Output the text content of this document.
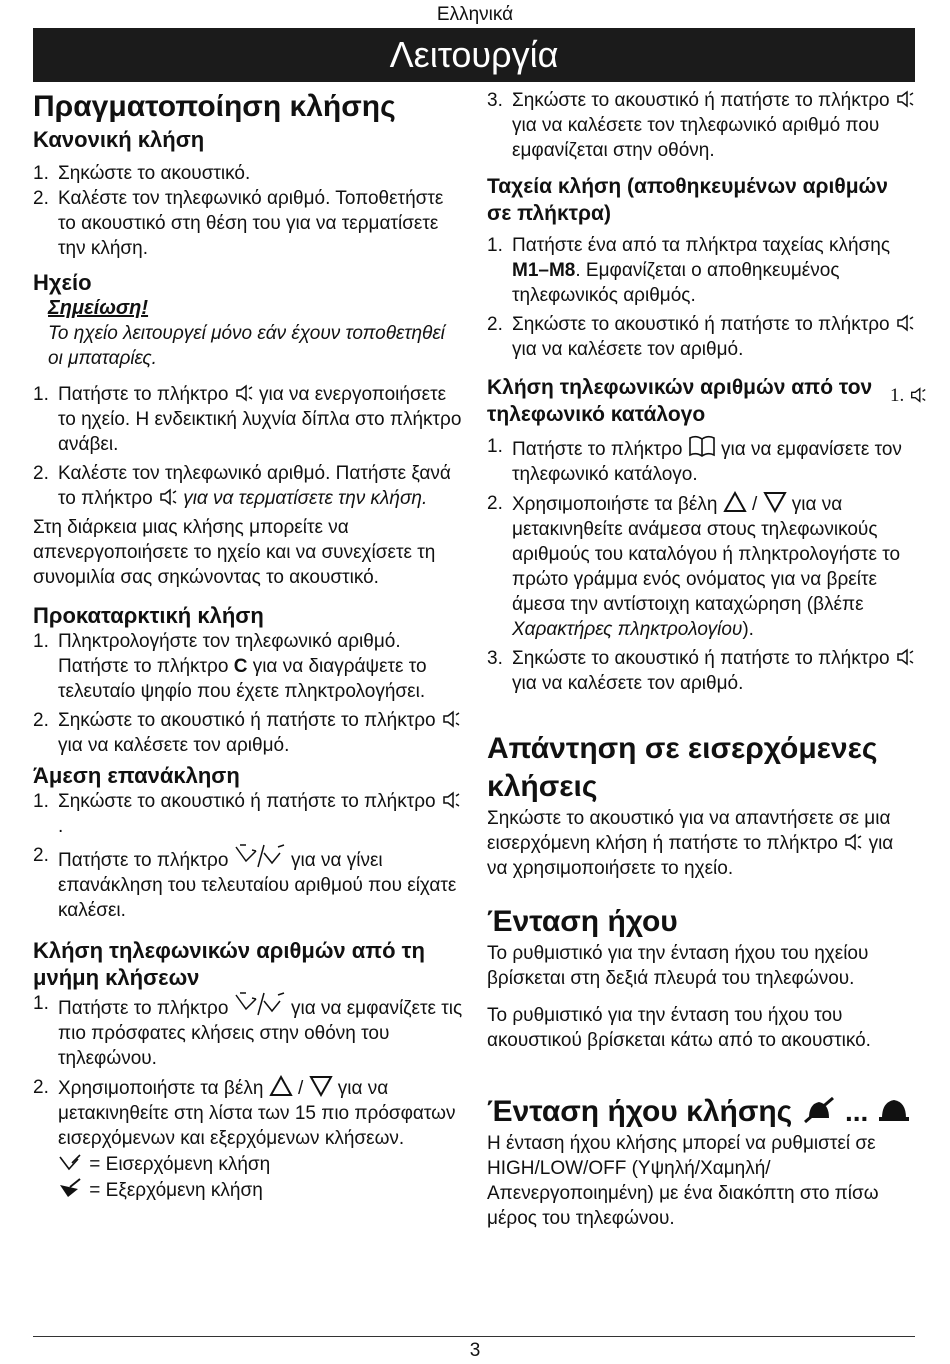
Ελληνικά
Λειτουργία
Πραγματοποίηση κλήσης
Κανονική κλήση

1. Σηκώστε το ακουστικό.

2. Καλέστε τον τηλεφωνικό αριθμό. Τοποθετήστε το ακουστικό στη θέση του για να τερματίσετε την κλήση.

Ηχείο

Σημείωση!

Το ηχείο λειτουργεί μόνο εάν έχουν τοποθετηθεί οι μπαταρίες.

1. Πατήστε το πλήκτρο για να ενεργοποιήσετε το ηχείο. Η ενδεικτική λυχνία δίπλα στο πλήκτρο ανάβει.

2. Καλέστε τον τηλεφωνικό αριθμό. Πατήστε ξανά το πλήκτρο για να τερματίσετε την κλήση.

Στη διάρκεια μιας κλήσης μπορείτε να απενεργοποιήσετε το ηχείο και να συνεχίσετε τη συνομιλία σας σηκώνοντας το ακουστικό.

Προκαταρκτική κλήση

1. Πληκτρολογήστε τον τηλεφωνικό αριθμό. Πατήστε το πλήκτρο C για να διαγράψετε το τελευταίο ψηφίο που έχετε πληκτρολογήσει.

2. Σηκώστε το ακουστικό ή πατήστε το πλήκτρο  για να καλέσετε τον αριθμό.

Άμεση επανάκληση

1. Σηκώστε το ακουστικό ή πατήστε το πλήκτρο .

2. Πατήστε το πλήκτρο	για να γίνει επανάκληση του τελευταίου αριθμού που είχατε καλέσει.

Κλήση τηλεφωνικών αριθμών από τη μνήμη κλήσεων

1. Πατήστε το πλήκτρο	για να εμφανίζετε τις πιο πρόσφατες κλήσεις στην οθόνη του τηλεφώνου.

2. Χρησιμοποιήστε τα βέλη / για να μετακινηθείτε στη λίστα των 15 πιο πρόσφατων εισερχόμενων και εξερχόμενων κλήσεων.

= Εισερχόμενη κλήση

= Εξερχόμενη κλήση

3. Σηκώστε το ακουστικό ή πατήστε το πλήκτρο  για να καλέσετε τον τηλεφωνικό αριθμό που εμφανίζεται στην οθόνη.

Ταχεία κλήση (αποθηκευμένων αριθμών σε πλήκτρα)

1. Πατήστε ένα από τα πλήκτρα ταχείας κλήσης M1–M8. Εμφανίζεται ο αποθηκευμένος τηλεφωνικός αριθμός.

2. Σηκώστε το ακουστικό ή πατήστε το πλήκτρο  για να καλέσετε τον αριθμό.

Κλήση τηλεφωνικών αριθμών από τον τηλεφωνικό κατάλογο

1. Πατήστε το πλήκτρο για να εμφανίσετε τον τηλεφωνικό κατάλογο.

2. Χρησιμοποιήστε τα βέλη / για να μετακινηθείτε ανάμεσα στους τηλεφωνικούς αριθμούς του καταλόγου ή πληκτρολογήστε το πρώτο γράμμα ενός ονόματος για να βρείτε άμεσα την αντίστοιχη καταχώρηση (βλέπε Χαρακτήρες πληκτρολογίου).

3. Σηκώστε το ακουστικό ή πατήστε το πλήκτρο  για να καλέσετε τον αριθμό.

Απάντηση σε εισερχόμενες κλήσεις

Σηκώστε το ακουστικό για να απαντήσετε σε μια εισερχόμενη κλήση ή πατήστε το πλήκτρο για να χρησιμοποιήσετε το ηχείο.

Ένταση ήχου

Το ρυθμιστικό για την ένταση ήχου του ηχείου βρίσκεται στη δεξιά πλευρά του τηλεφώνου.

Το ρυθμιστικό για την ένταση του ήχου του ακουστικού βρίσκεται κάτω από το ακουστικό.

Ένταση ήχου κλήσης ...

Η ένταση ήχου κλήσης μπορεί να ρυθμιστεί σε HIGH/LOW/OFF (Υψηλή/Χαμηλή/ Απενεργοποιημένη) με ένα διακόπτη στο πίσω μέρος του τηλεφώνου.

1.
3
